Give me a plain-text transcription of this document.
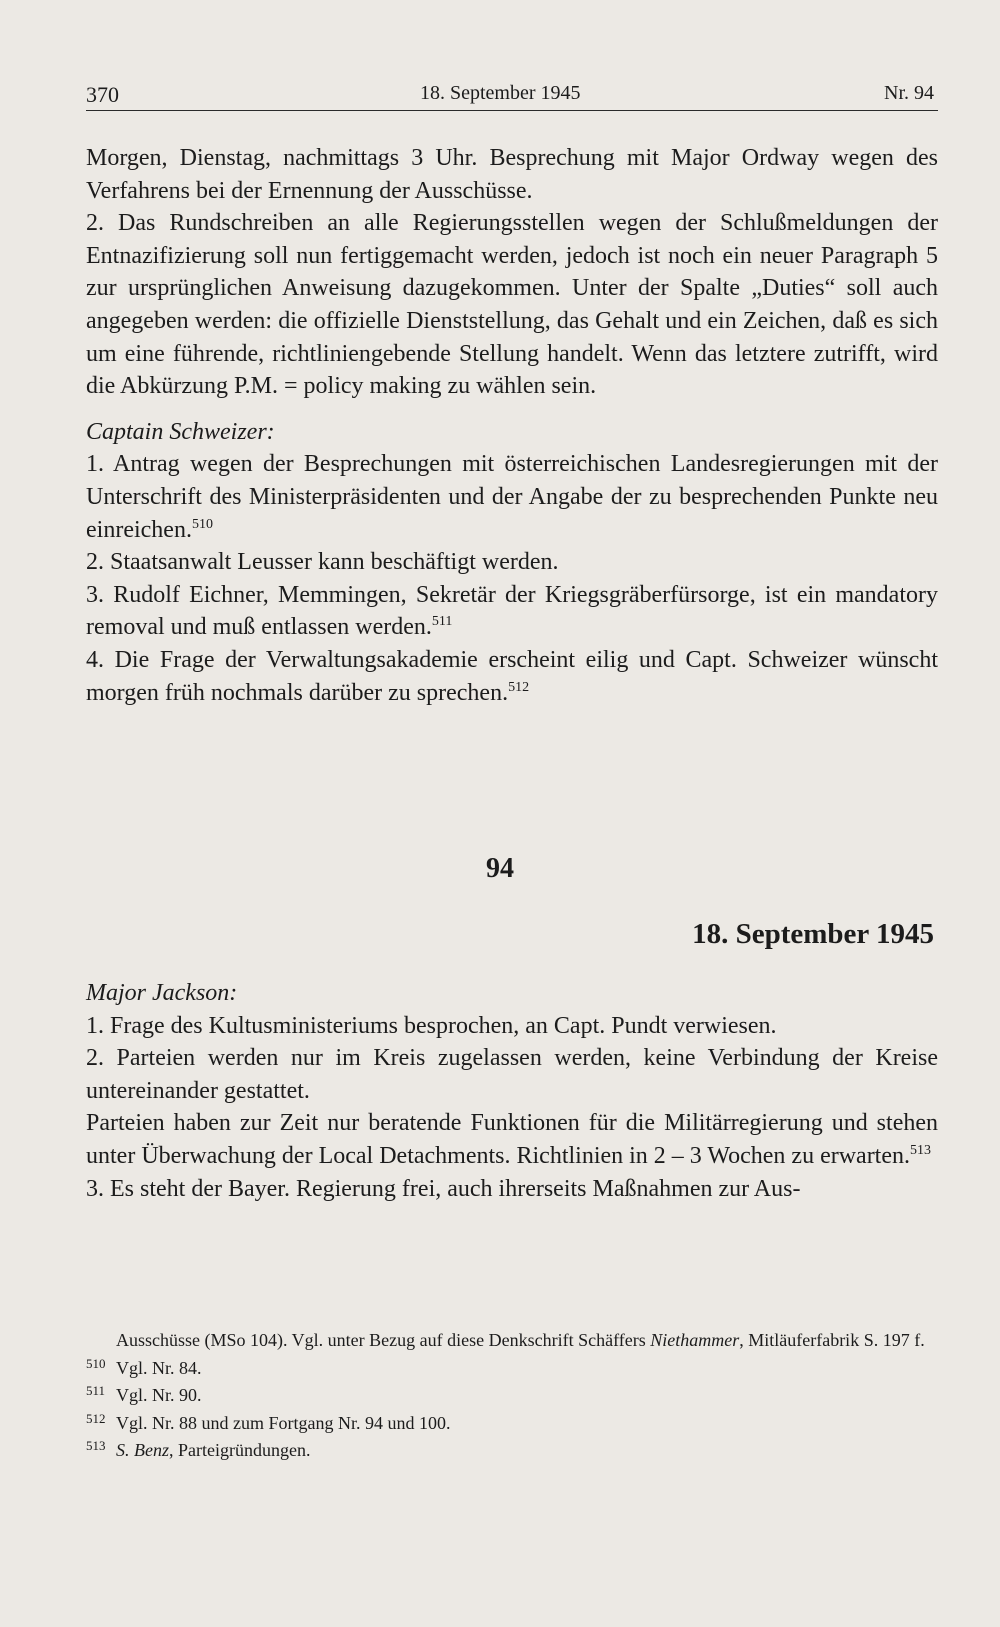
370	18. September 1945	Nr. 94

Morgen, Dienstag, nachmittags 3 Uhr. Besprechung mit Major Ordway wegen des Verfahrens bei der Ernennung der Ausschüsse.

2. Das Rundschreiben an alle Regierungsstellen wegen der Schlußmeldungen der Entnazifizierung soll nun fertiggemacht werden, jedoch ist noch ein neuer Paragraph 5 zur ursprünglichen Anweisung dazugekommen. Unter der Spalte „Duties“ soll auch angegeben werden: die offizielle Dienststellung, das Gehalt und ein Zeichen, daß es sich um eine führende, richtliniengebende Stellung handelt. Wenn das letztere zutrifft, wird die Abkürzung P.M. = policy making zu wählen sein.

Captain Schweizer:

1. Antrag wegen der Besprechungen mit österreichischen Landesregierungen mit der Unterschrift des Ministerpräsidenten und der Angabe der zu besprechenden Punkte neu einreichen.$^{510}$

2. Staatsanwalt Leusser kann beschäftigt werden.

3. Rudolf Eichner, Memmingen, Sekretär der Kriegsgräberfürsorge, ist ein mandatory removal und muß entlassen werden.$^{511}$

4. Die Frage der Verwaltungsakademie erscheint eilig und Capt. Schweizer wünscht morgen früh nochmals darüber zu sprechen.$^{512}$

94
18. September 1945

Major Jackson:

1. Frage des Kultusministeriums besprochen, an Capt. Pundt verwiesen.

2. Parteien werden nur im Kreis zugelassen werden, keine Verbindung der Kreise untereinander gestattet.

Parteien haben zur Zeit nur beratende Funktionen für die Militärregierung und stehen unter Überwachung der Local Detachments. Richtlinien in 2 – 3 Wochen zu erwarten.$^{513}$

3. Es steht der Bayer. Regierung frei, auch ihrerseits Maßnahmen zur Aus-

Ausschüsse (MSo 104). Vgl. unter Bezug auf diese Denkschrift Schäffers Niethammer, Mitläuferfabrik S. 197 f.

510 Vgl. Nr. 84.

511 Vgl. Nr. 90.

512 Vgl. Nr. 88 und zum Fortgang Nr. 94 und 100.

513 S. Benz, Parteigründungen.
